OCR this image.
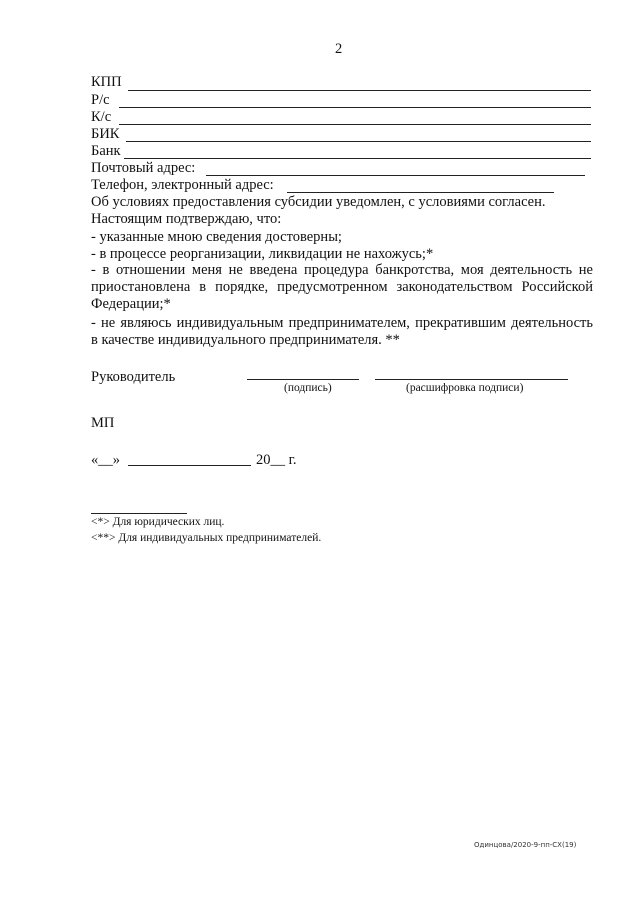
2
КПП
Р/с
К/с
БИК
Банк
Почтовый адрес:
Телефон, электронный адрес:
Об условиях предоставления субсидии уведомлен, с условиями согласен.
Настоящим подтверждаю, что:
- указанные мною сведения достоверны;
- в процессе реорганизации, ликвидации не нахожусь;*
- в отношении меня не введена процедура банкротства, моя деятельность не приостановлена в порядке, предусмотренном законодательством Российской Федерации;*
- не являюсь индивидуальным предпринимателем, прекратившим деятельность в качестве индивидуального предпринимателя. **
Руководитель
(подпись)	(расшифровка подписи)
МП
«__»	20__ г.
<*> Для юридических лиц.
<**> Для индивидуальных предпринимателей.
Одинцова/2020-9-пп-СХ(19)
